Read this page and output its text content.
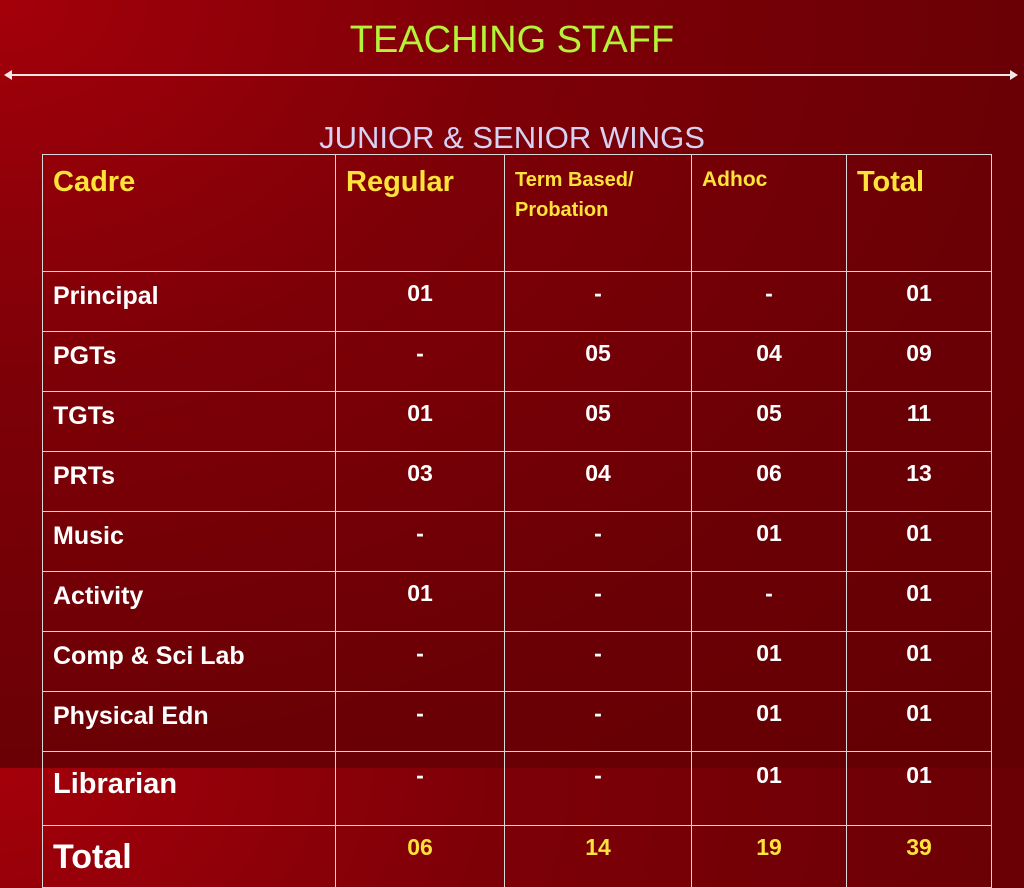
TEACHING STAFF
JUNIOR & SENIOR WINGS
Cadre	Regular	Term Based/ Probation	Adhoc	Total
Principal	01	-	-	01
PGTs	-	05	04	09
TGTs	01	05	05	11
PRTs	03	04	06	13
Music	-	-	01	01
Activity	01	-	-	01
Comp & Sci Lab	-	-	01	01
Physical Edn	-	-	01	01
Librarian	-	-	01	01
Total	06	14	19	39
